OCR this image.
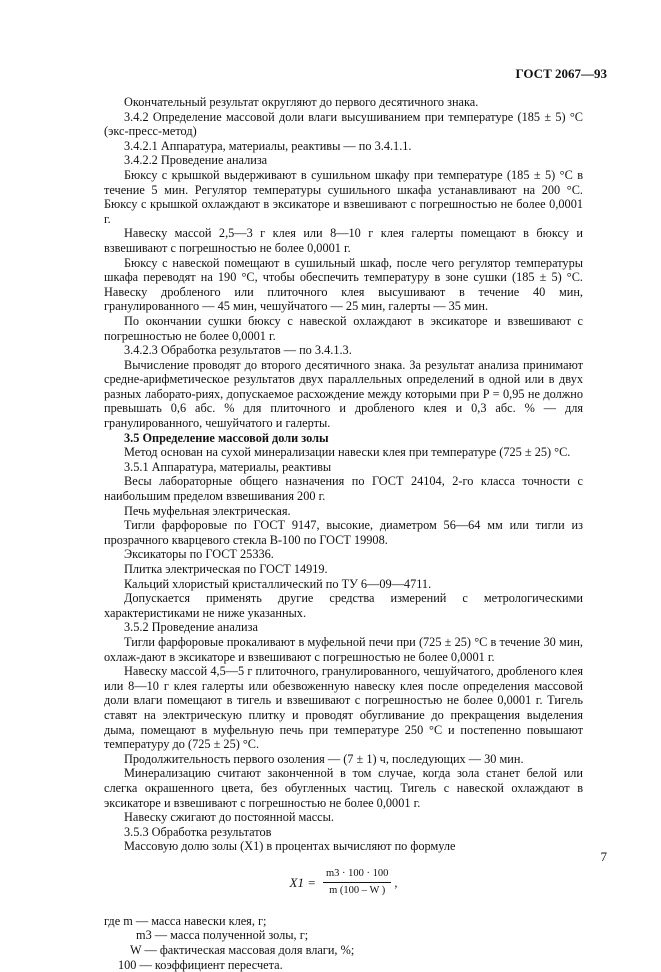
ГОСТ 2067—93

Окончательный результат округляют до первого десятичного знака.

3.4.2 Определение массовой доли влаги высушиванием при температуре (185 ± 5) °С (экс-пресс-метод)

3.4.2.1 Аппаратура, материалы, реактивы — по 3.4.1.1.

3.4.2.2 Проведение анализа

Бюксу с крышкой выдерживают в сушильном шкафу при температуре (185 ± 5) °С в течение 5 мин. Регулятор температуры сушильного шкафа устанавливают на 200 °С. Бюксу с крышкой охлаждают в эксикаторе и взвешивают с погрешностью не более 0,0001 г.

Навеску массой 2,5—3 г клея или 8—10 г клея галерты помещают в бюксу и взвешивают с погрешностью не более 0,0001 г.

Бюксу с навеской помещают в сушильный шкаф, после чего регулятор температуры шкафа переводят на 190 °С, чтобы обеспечить температуру в зоне сушки (185 ± 5) °С. Навеску дробленого или плиточного клея высушивают в течение 40 мин, гранулированного — 45 мин, чешуйчатого — 25 мин, галерты — 35 мин.

По окончании сушки бюксу с навеской охлаждают в эксикаторе и взвешивают с погрешностью не более 0,0001 г.

3.4.2.3 Обработка результатов — по 3.4.1.3.

Вычисление проводят до второго десятичного знака. За результат анализа принимают средне-арифметическое результатов двух параллельных определений в одной или в двух разных лаборато-риях, допускаемое расхождение между которыми при P = 0,95 не должно превышать 0,6 абс. % для плиточного и дробленого клея и 0,3 абс. % — для гранулированного, чешуйчатого и галерты.

3.5 Определение массовой доли золы

Метод основан на сухой минерализации навески клея при температуре (725 ± 25) °С.

3.5.1 Аппаратура, материалы, реактивы

Весы лабораторные общего назначения по ГОСТ 24104, 2-го класса точности с наибольшим пределом взвешивания 200 г.

Печь муфельная электрическая.

Тигли фарфоровые по ГОСТ 9147, высокие, диаметром 56—64 мм или тигли из прозрачного кварцевого стекла В-100 по ГОСТ 19908.

Эксикаторы по ГОСТ 25336.

Плитка электрическая по ГОСТ 14919.

Кальций хлористый кристаллический по ТУ 6—09—4711.

Допускается применять другие средства измерений с метрологическими характеристиками не ниже указанных.

3.5.2 Проведение анализа

Тигли фарфоровые прокаливают в муфельной печи при (725 ± 25) °С в течение 30 мин, охлаж-дают в эксикаторе и взвешивают с погрешностью не более 0,0001 г.

Навеску массой 4,5—5 г плиточного, гранулированного, чешуйчатого, дробленого клея или 8—10 г клея галерты или обезвоженную навеску клея после определения массовой доли влаги помещают в тигель и взвешивают с погрешностью не более 0,0001 г. Тигель ставят на электрическую плитку и проводят обугливание до прекращения выделения дыма, помещают в муфельную печь при температуре 250 °С и постепенно повышают температуру до (725 ± 25) °С.

Продолжительность первого озоления — (7 ± 1) ч, последующих — 30 мин.

Минерализацию считают законченной в том случае, когда зола станет белой или слегка окрашенного цвета, без обугленных частиц. Тигель с навеской охлаждают в эксикаторе и взвешивают с погрешностью не более 0,0001 г.

Навеску сжигают до постоянной массы.

3.5.3 Обработка результатов

Массовую долю золы (X1) в процентах вычисляют по формуле

$X1 = \frac{m3 \cdot 100 \cdot 100}{m (100 - W )}$ ,

где m — масса навески клея, г;

m3 — масса полученной золы, г;

W — фактическая массовая доля влаги, %;

100 — коэффициент пересчета.

7
